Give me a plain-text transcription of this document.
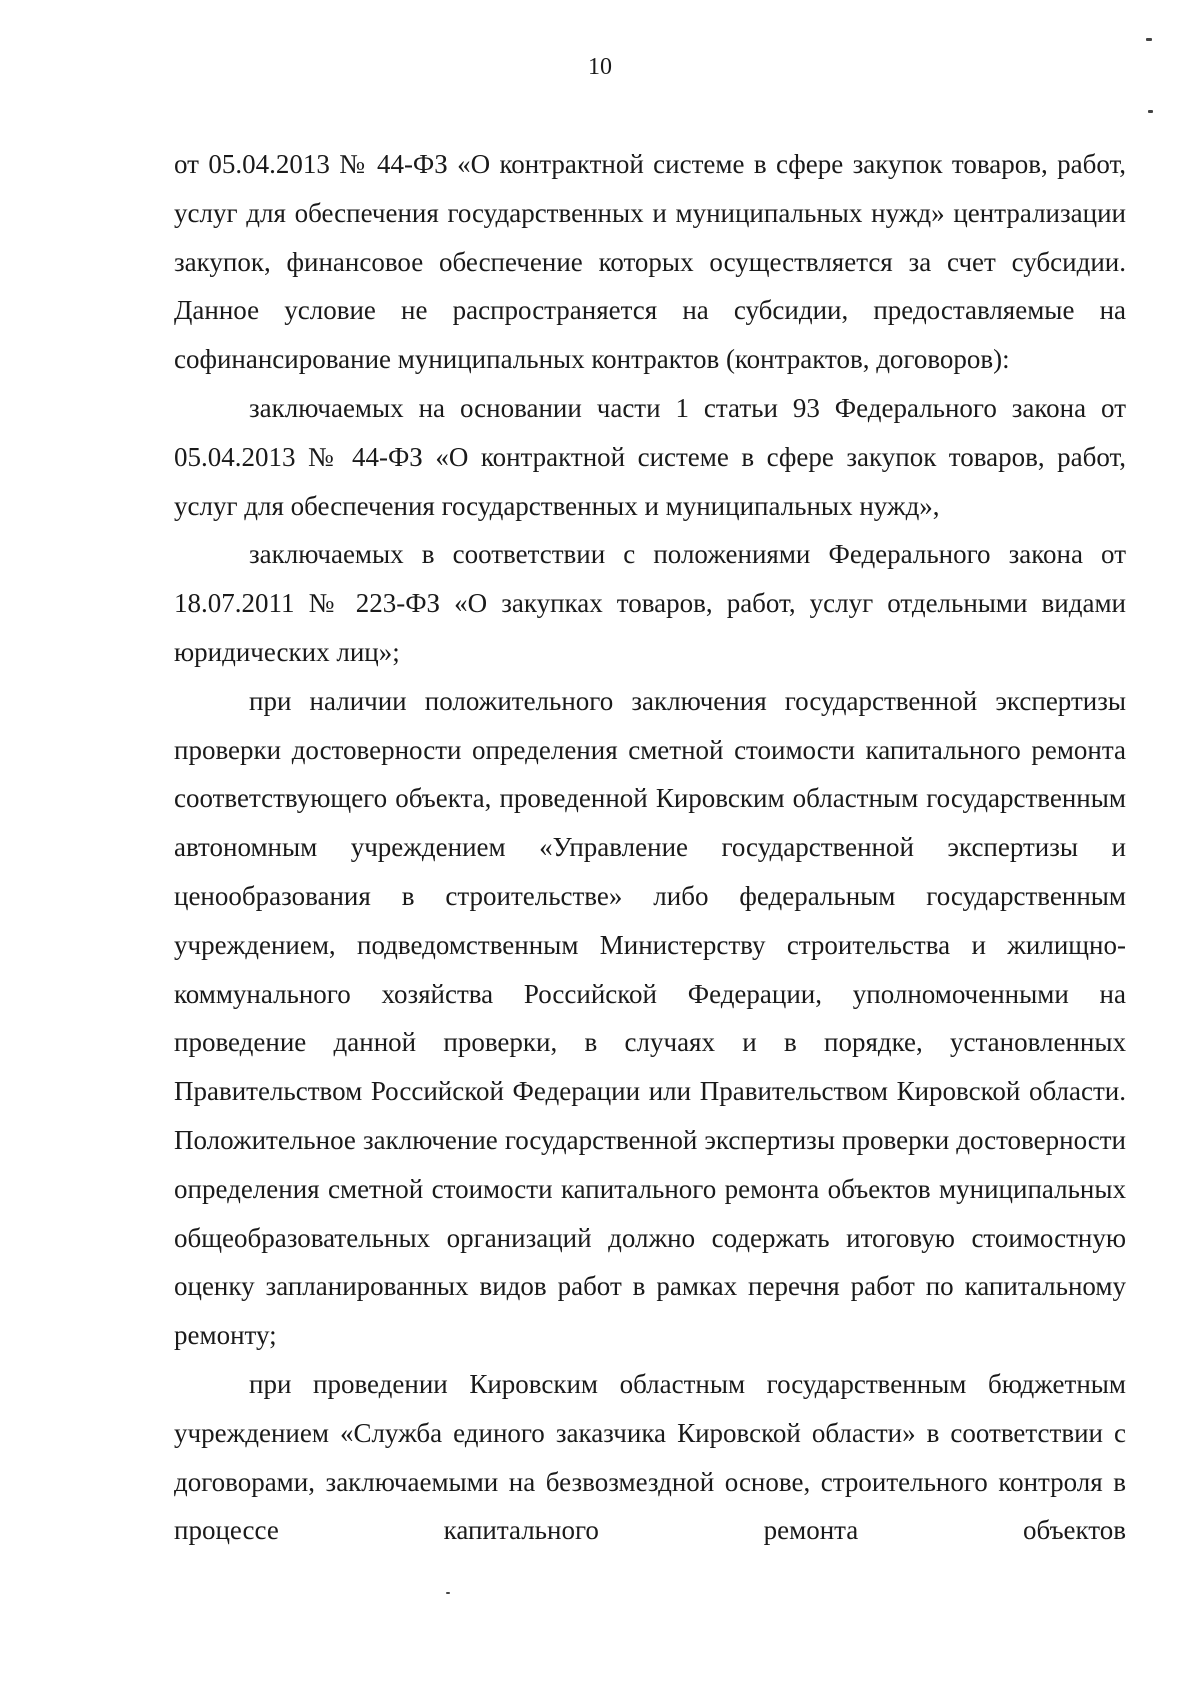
10

от 05.04.2013 № 44-ФЗ «О контрактной системе в сфере закупок товаров, работ, услуг для обеспечения государственных и муниципальных нужд» централизации закупок, финансовое обеспечение которых осуществляется за счет субсидии. Данное условие не распространяется на субсидии, предоставляемые на софинансирование муниципальных контрактов (контрактов, договоров):

заключаемых на основании части 1 статьи 93 Федерального закона от 05.04.2013 № 44-ФЗ «О контрактной системе в сфере закупок товаров, работ, услуг для обеспечения государственных и муниципальных нужд»,

заключаемых в соответствии с положениями Федерального закона от 18.07.2011 № 223-ФЗ «О закупках товаров, работ, услуг отдельными видами юридических лиц»;

при наличии положительного заключения государственной экспертизы проверки достоверности определения сметной стоимости капитального ремонта соответствующего объекта, проведенной Кировским областным государственным автономным учреждением «Управление государственной экспертизы и ценообразования в строительстве» либо федеральным государственным учреждением, подведомственным Министерству строительства и жилищно-коммунального хозяйства Российской Федерации, уполномоченными на проведение данной проверки, в случаях и в порядке, установленных Правительством Российской Федерации или Правительством Кировской области. Положительное заключение государственной экспертизы проверки достоверности определения сметной стоимости капитального ремонта объектов муниципальных общеобразовательных организаций должно содержать итоговую стоимостную оценку запланированных видов работ в рамках перечня работ по капитальному ремонту;

при проведении Кировским областным государственным бюджетным учреждением «Служба единого заказчика Кировской области» в соответствии с договорами, заключаемыми на безвозмездной основе, строительного контроля в процессе капитального ремонта объектов
